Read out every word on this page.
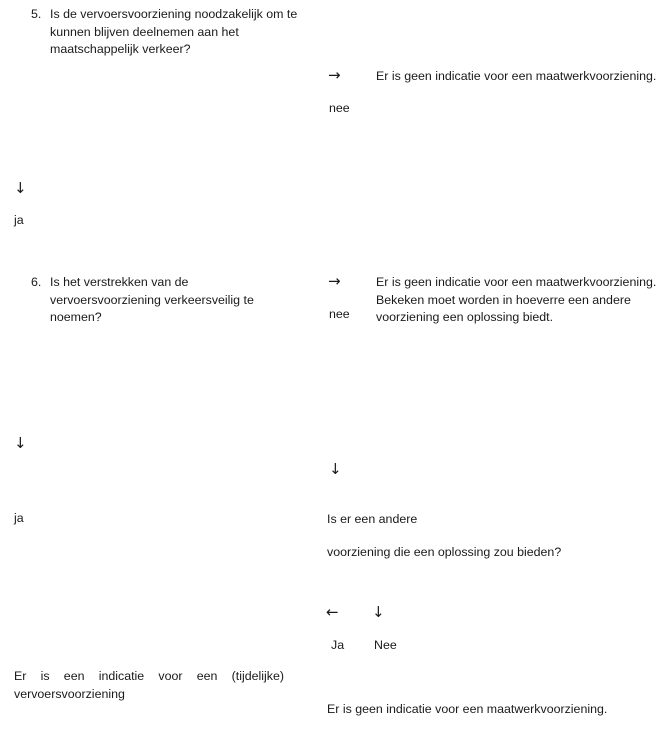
5. Is de vervoersvoorziening noodzakelijk om te kunnen blijven deelnemen aan het maatschappelijk verkeer?
→
nee
Er is geen indicatie voor een maatwerkvoorziening.
↓
ja
6. Is het verstrekken van de vervoersvoorziening verkeersveilig te noemen?
→
nee
Er is geen indicatie voor een maatwerkvoorziening. Bekeken moet worden in hoeverre een andere voorziening een oplossing biedt.
↓
ja
↓

Is er een andere

voorziening die een oplossing zou bieden?

← ↓
Ja Nee
Er is een indicatie voor een (tijdelijke) vervoersvoorziening
Er is geen indicatie voor een maatwerkvoorziening.
